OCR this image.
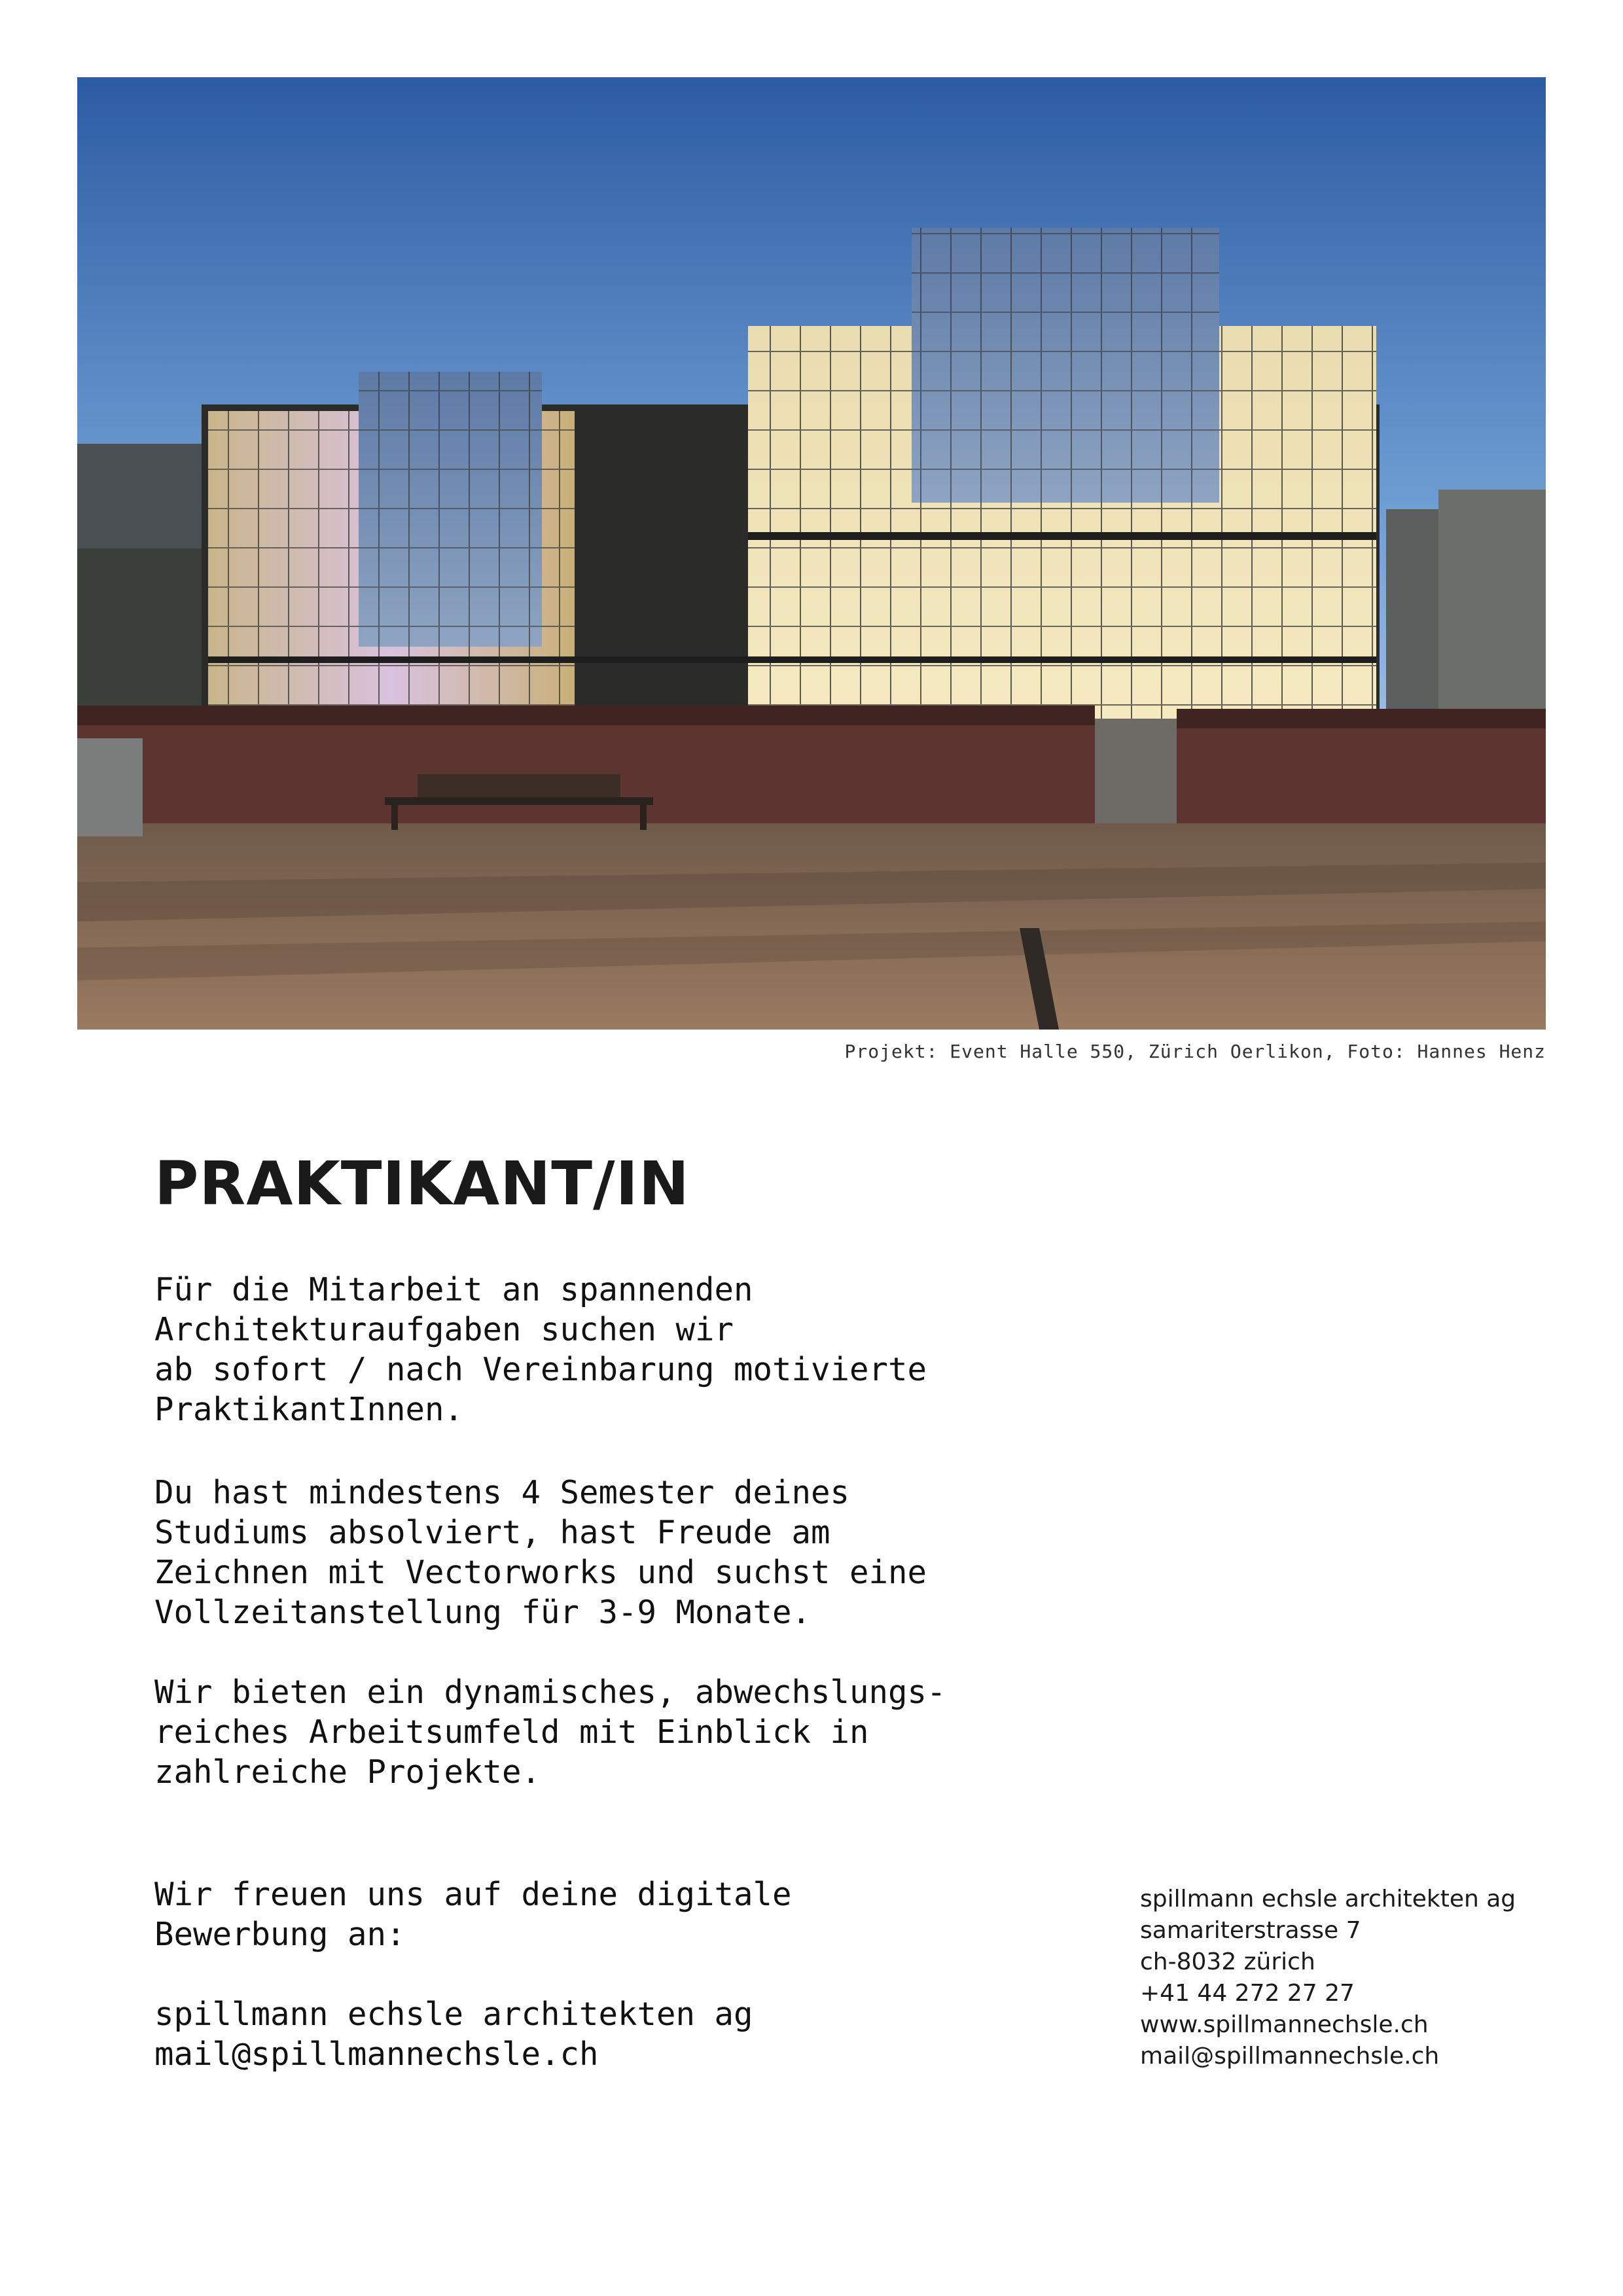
Projekt: Event Halle 550, Zürich Oerlikon, Foto: Hannes Henz
PRAKTIKANT/IN

Für die Mitarbeit an spannenden
Architekturaufgaben suchen wir
ab sofort / nach Vereinbarung motivierte
PraktikantInnen.

Du hast mindestens 4 Semester deines
Studiums absolviert, hast Freude am
Zeichnen mit Vectorworks und suchst eine
Vollzeitanstellung für 3-9 Monate.

Wir bieten ein dynamisches, abwechslungs-
reiches Arbeitsumfeld mit Einblick in
zahlreiche Projekte.

Wir freuen uns auf deine digitale
Bewerbung an:

spillmann echsle architekten ag
mail@spillmannechsle.ch

spillmann echsle architekten ag
samariterstrasse 7
ch-8032 zürich
+41 44 272 27 27
www.spillmannechsle.ch
mail@spillmannechsle.ch
